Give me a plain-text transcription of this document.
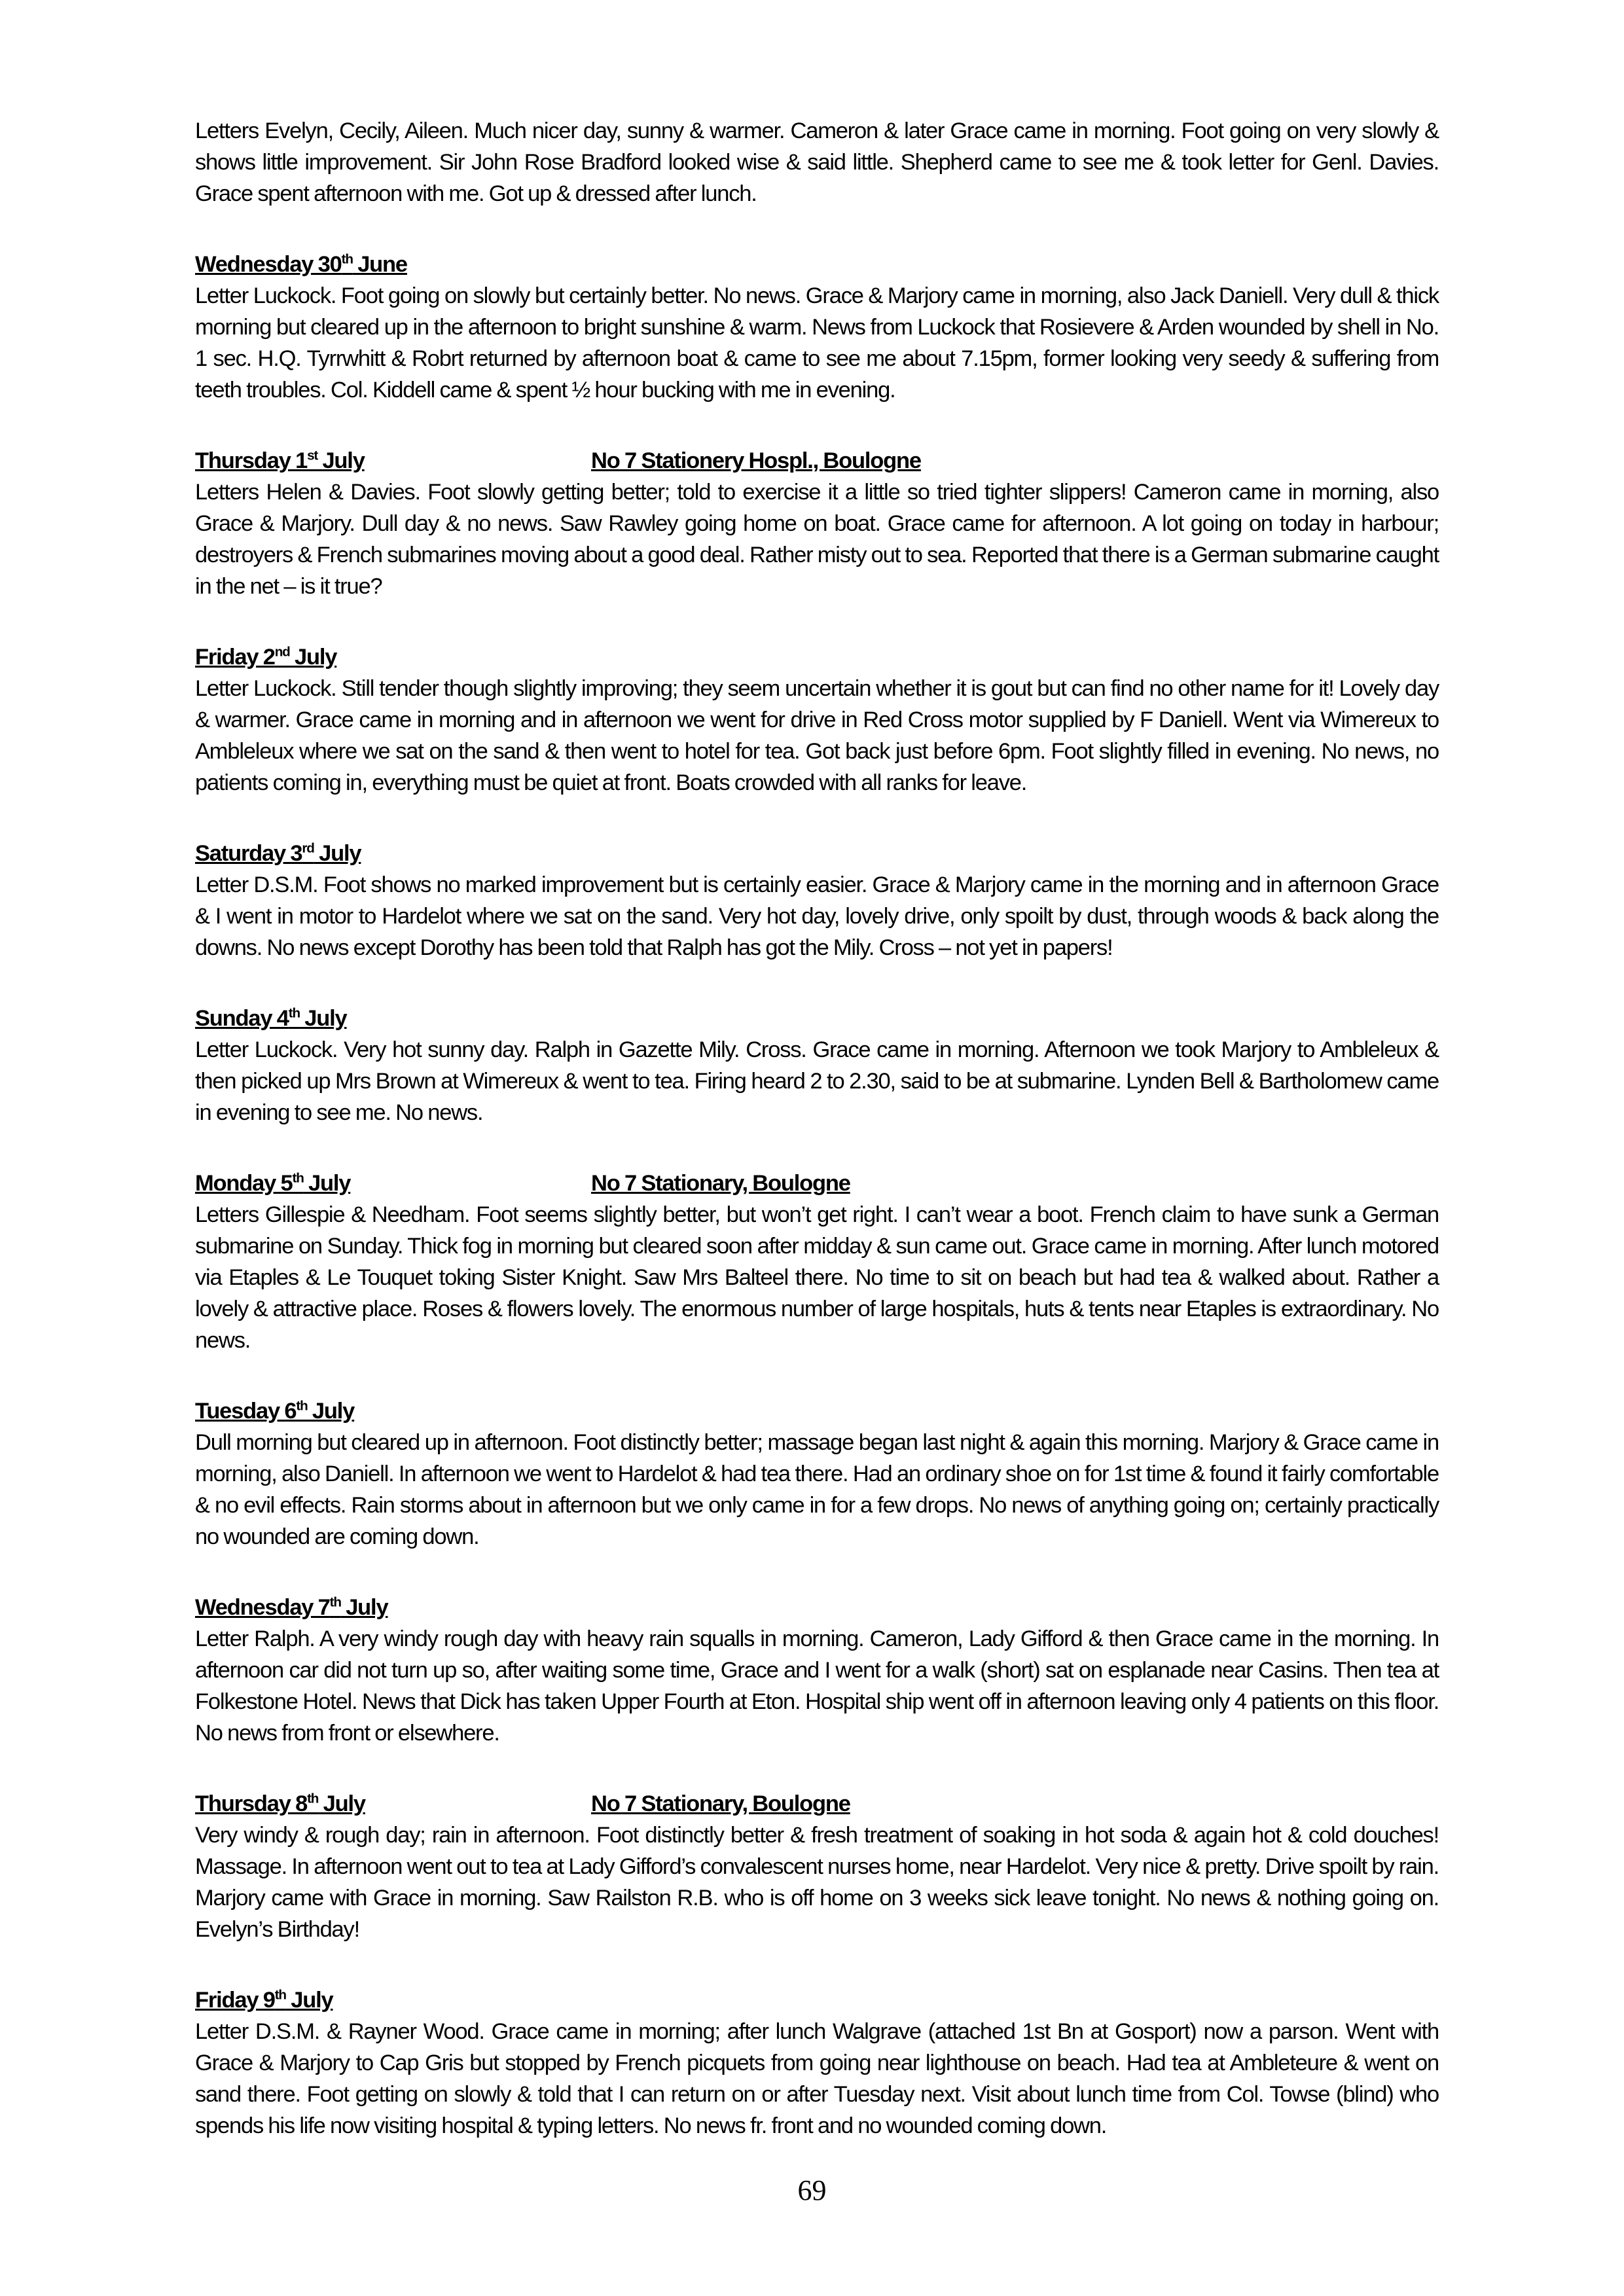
Letters Evelyn, Cecily, Aileen. Much nicer day, sunny & warmer. Cameron & later Grace came in morning. Foot going on very slowly & shows little improvement. Sir John Rose Bradford looked wise & said little. Shepherd came to see me & took letter for Genl. Davies. Grace spent afternoon with me. Got up & dressed after lunch.

Wednesday 30th June

Letter Luckock. Foot going on slowly but certainly better. No news. Grace & Marjory came in morning, also Jack Daniell. Very dull & thick morning but cleared up in the afternoon to bright sunshine & warm. News from Luckock that Rosievere & Arden wounded by shell in No. 1 sec. H.Q. Tyrrwhitt & Robrt returned by afternoon boat & came to see me about 7.15pm, former looking very seedy & suffering from teeth troubles. Col. Kiddell came & spent ½ hour bucking with me in evening.

Thursday 1st July	No 7 Stationery Hospl., Boulogne

Letters Helen & Davies. Foot slowly getting better; told to exercise it a little so tried tighter slippers! Cameron came in morning, also Grace & Marjory. Dull day & no news. Saw Rawley going home on boat. Grace came for afternoon. A lot going on today in harbour; destroyers & French submarines moving about a good deal. Rather misty out to sea. Reported that there is a German submarine caught in the net – is it true?

Friday 2nd July

Letter Luckock. Still tender though slightly improving; they seem uncertain whether it is gout but can find no other name for it! Lovely day & warmer. Grace came in morning and in afternoon we went for drive in Red Cross motor supplied by F Daniell. Went via Wimereux to Ambleleux where we sat on the sand & then went to hotel for tea. Got back just before 6pm. Foot slightly filled in evening. No news, no patients coming in, everything must be quiet at front. Boats crowded with all ranks for leave.

Saturday 3rd July

Letter D.S.M. Foot shows no marked improvement but is certainly easier. Grace & Marjory came in the morning and in afternoon Grace & I went in motor to Hardelot where we sat on the sand. Very hot day, lovely drive, only spoilt by dust, through woods & back along the downs. No news except Dorothy has been told that Ralph has got the Mily. Cross – not yet in papers!

Sunday 4th July

Letter Luckock. Very hot sunny day. Ralph in Gazette Mily. Cross. Grace came in morning. Afternoon we took Marjory to Ambleleux & then picked up Mrs Brown at Wimereux & went to tea. Firing heard 2 to 2.30, said to be at submarine. Lynden Bell & Bartholomew came in evening to see me. No news.

Monday 5th July	No 7 Stationary, Boulogne

Letters Gillespie & Needham. Foot seems slightly better, but won’t get right. I can’t wear a boot. French claim to have sunk a German submarine on Sunday. Thick fog in morning but cleared soon after midday & sun came out. Grace came in morning. After lunch motored via Etaples & Le Touquet toking Sister Knight. Saw Mrs Balteel there. No time to sit on beach but had tea & walked about. Rather a lovely & attractive place. Roses & flowers lovely. The enormous number of large hospitals, huts & tents near Etaples is extraordinary. No news.

Tuesday 6th July

Dull morning but cleared up in afternoon. Foot distinctly better; massage began last night & again this morning. Marjory & Grace came in morning, also Daniell. In afternoon we went to Hardelot & had tea there. Had an ordinary shoe on for 1st time & found it fairly comfortable & no evil effects. Rain storms about in afternoon but we only came in for a few drops. No news of anything going on; certainly practically no wounded are coming down.

Wednesday 7th July

Letter Ralph. A very windy rough day with heavy rain squalls in morning. Cameron, Lady Gifford & then Grace came in the morning. In afternoon car did not turn up so, after waiting some time, Grace and I went for a walk (short) sat on esplanade near Casins. Then tea at Folkestone Hotel. News that Dick has taken Upper Fourth at Eton. Hospital ship went off in afternoon leaving only 4 patients on this floor. No news from front or elsewhere.

Thursday 8th July	No 7 Stationary, Boulogne

Very windy & rough day; rain in afternoon. Foot distinctly better & fresh treatment of soaking in hot soda & again hot & cold douches! Massage. In afternoon went out to tea at Lady Gifford’s convalescent nurses home, near Hardelot. Very nice & pretty. Drive spoilt by rain. Marjory came with Grace in morning. Saw Railston R.B. who is off home on 3 weeks sick leave tonight. No news & nothing going on. Evelyn’s Birthday!

Friday 9th July

Letter D.S.M. & Rayner Wood. Grace came in morning; after lunch Walgrave (attached 1st Bn at Gosport) now a parson. Went with Grace & Marjory to Cap Gris but stopped by French picquets from going near lighthouse on beach. Had tea at Ambleteure & went on sand there. Foot getting on slowly & told that I can return on or after Tuesday next. Visit about lunch time from Col. Towse (blind) who spends his life now visiting hospital & typing letters. No news fr. front and no wounded coming down.

69
